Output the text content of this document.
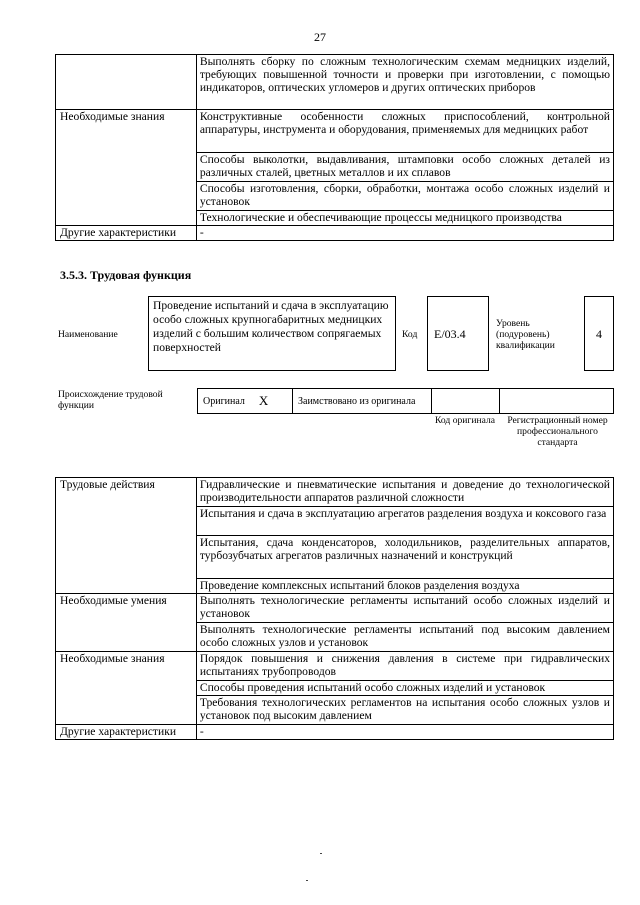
27
	Выполнять сборку по сложным технологическим схемам медницких изделий, требующих повышенной точности и проверки при изготовлении, с помощью индикаторов, оптических угломеров и других оптических приборов
Необходимые знания	Конструктивные особенности сложных приспособлений, контрольной аппаратуры, инструмента и оборудования, применяемых для медницких работ
	Способы выколотки, выдавливания, штамповки особо сложных деталей из различных сталей, цветных металлов и их сплавов
	Способы изготовления, сборки, обработки, монтажа особо сложных изделий и установок
	Технологические и обеспечивающие процессы медницкого производства
Другие характеристики	-
3.5.3. Трудовая функция
Наименование
Проведение испытаний и сдача в эксплуатацию особо сложных крупногабаритных медницких изделий с большим количеством сопрягаемых поверхностей
Код	Е/03.4
Уровень (подуровень) квалификации
4
Происхождение трудовой функции	Оригинал X	Заимствовано из оригинала
Код оригинала	Регистрационный номер профессионального стандарта
Трудовые действия	Гидравлические и пневматические испытания и доведение до технологической производительности аппаратов различной сложности
	Испытания и сдача в эксплуатацию агрегатов разделения воздуха и коксового газа
	Испытания, сдача конденсаторов, холодильников, разделительных аппаратов, турбозубчатых агрегатов различных назначений и конструкций
	Проведение комплексных испытаний блоков разделения воздуха
Необходимые умения	Выполнять технологические регламенты испытаний особо сложных изделий и установок
	Выполнять технологические регламенты испытаний под высоким давлением особо сложных узлов и установок
Необходимые знания	Порядок повышения и снижения давления в системе при гидравлических испытаниях трубопроводов
	Способы проведения испытаний особо сложных изделий и установок
	Требования технологических регламентов на испытания особо сложных узлов и установок под высоким давлением
Другие характеристики	-
